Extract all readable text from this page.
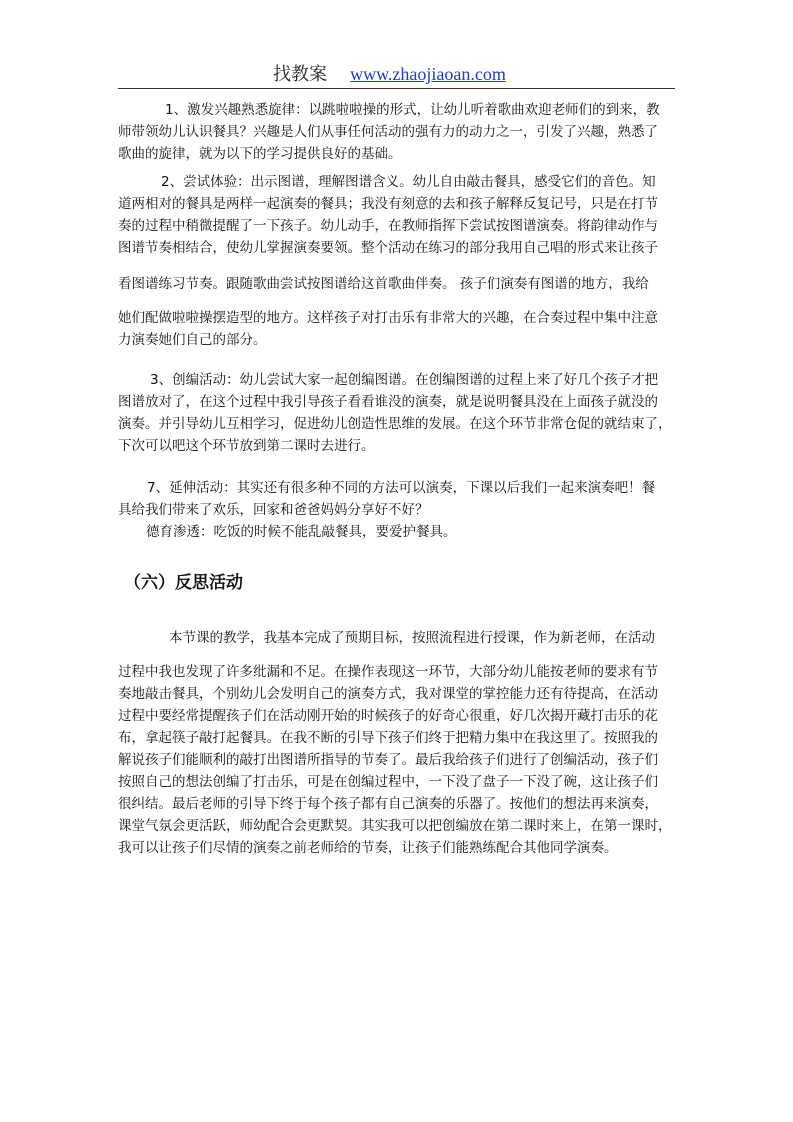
找教案 www.zhaojiaoan.com
1、激发兴趣熟悉旋律：以跳啦啦操的形式，让幼儿听着歌曲欢迎老师们的到来，教
师带领幼儿认识餐具？兴趣是人们从事任何活动的强有力的动力之一，引发了兴趣，熟悉了
歌曲的旋律，就为以下的学习提供良好的基础。
2、尝试体验：出示图谱，理解图谱含义。幼儿自由敲击餐具，感受它们的音色。知
道两相对的餐具是两样一起演奏的餐具；我没有刻意的去和孩子解释反复记号，只是在打节
奏的过程中稍微提醒了一下孩子。幼儿动手，在教师指挥下尝试按图谱演奏。将韵律动作与
图谱节奏相结合，使幼儿掌握演奏要领。整个活动在练习的部分我用自己唱的形式来让孩子
看图谱练习节奏。跟随歌曲尝试按图谱给这首歌曲伴奏。 孩子们演奏有图谱的地方，我给
她们配做啦啦操摆造型的地方。这样孩子对打击乐有非常大的兴趣，在合奏过程中集中注意
力演奏她们自己的部分。
3、创编活动：幼儿尝试大家一起创编图谱。在创编图谱的过程上来了好几个孩子才把
图谱放对了，在这个过程中我引导孩子看看谁没的演奏，就是说明餐具没在上面孩子就没的
演奏。并引导幼儿互相学习，促进幼儿创造性思维的发展。在这个环节非常仓促的就结束了，
下次可以吧这个环节放到第二课时去进行。
7、延伸活动：其实还有很多种不同的方法可以演奏，下课以后我们一起来演奏吧！餐
具给我们带来了欢乐，回家和爸爸妈妈分享好不好？
德育渗透：吃饭的时候不能乱敲餐具，要爱护餐具。
（六）反思活动
本节课的教学，我基本完成了预期目标，按照流程进行授课，作为新老师，在活动
过程中我也发现了许多纰漏和不足。在操作表现这一环节，大部分幼儿能按老师的要求有节
奏地敲击餐具，个别幼儿会发明自己的演奏方式，我对课堂的掌控能力还有待提高，在活动
过程中要经常提醒孩子们在活动刚开始的时候孩子的好奇心很重，好几次揭开藏打击乐的花
布，拿起筷子敲打起餐具。在我不断的引导下孩子们终于把精力集中在我这里了。按照我的
解说孩子们能顺利的敲打出图谱所指导的节奏了。最后我给孩子们进行了创编活动，孩子们
按照自己的想法创编了打击乐，可是在创编过程中，一下没了盘子一下没了碗，这让孩子们
很纠结。最后老师的引导下终于每个孩子都有自己演奏的乐器了。按他们的想法再来演奏，
课堂气氛会更活跃，师幼配合会更默契。其实我可以把创编放在第二课时来上，在第一课时，
我可以让孩子们尽情的演奏之前老师给的节奏，让孩子们能熟练配合其他同学演奏。
